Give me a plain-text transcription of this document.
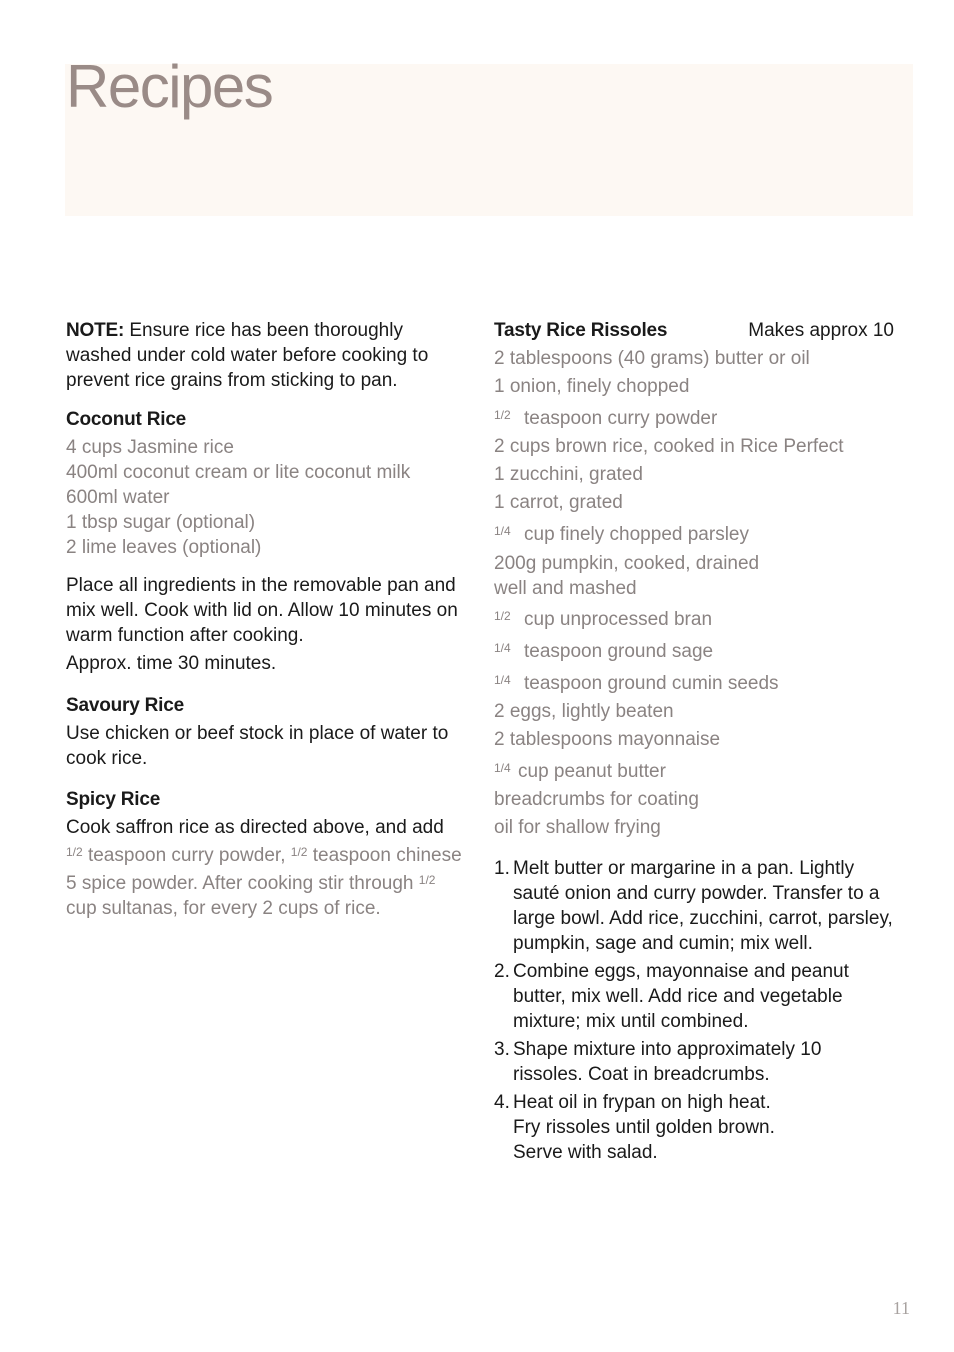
Recipes

NOTE: Ensure rice has been thoroughly washed under cold water before cooking to prevent rice grains from sticking to pan.

Coconut Rice
4 cups Jasmine rice
400ml coconut cream or lite coconut milk
600ml water
1 tbsp sugar (optional)
2 lime leaves (optional)

Place all ingredients in the removable pan and mix well. Cook with lid on. Allow 10 minutes on warm function after cooking.

Approx. time 30 minutes.

Savoury Rice

Use chicken or beef stock in place of water to cook rice.

Spicy Rice

Cook saffron rice as directed above, and add

$^{1/2}$ teaspoon curry powder, $^{1/2}$ teaspoon chinese 5 spice powder. After cooking stir through $^{1/2}$ cup sultanas, for every 2 cups of rice.

Tasty Rice Rissoles	Makes approx 10
2 tablespoons (40 grams) butter or oil
1 onion, finely chopped
$^{1/2}$ teaspoon curry powder
2 cups brown rice, cooked in Rice Perfect
1 zucchini, grated
1 carrot, grated
$^{1/4}$ cup finely chopped parsley
200g pumpkin, cooked, drained well and mashed
$^{1/2}$ cup unprocessed bran
$^{1/4}$ teaspoon ground sage
$^{1/4}$ teaspoon ground cumin seeds
2 eggs, lightly beaten
2 tablespoons mayonnaise
$^{1/4}$ cup peanut butter
breadcrumbs for coating
oil for shallow frying
1. Melt butter or margarine in a pan. Lightly sauté onion and curry powder. Transfer to a large bowl. Add rice, zucchini, carrot, parsley, pumpkin, sage and cumin; mix well.
2. Combine eggs, mayonnaise and peanut butter, mix well. Add rice and vegetable mixture; mix until combined.
3. Shape mixture into approximately 10 rissoles. Coat in breadcrumbs.
4. Heat oil in frypan on high heat.
Fry rissoles until golden brown.
Serve with salad.
11
